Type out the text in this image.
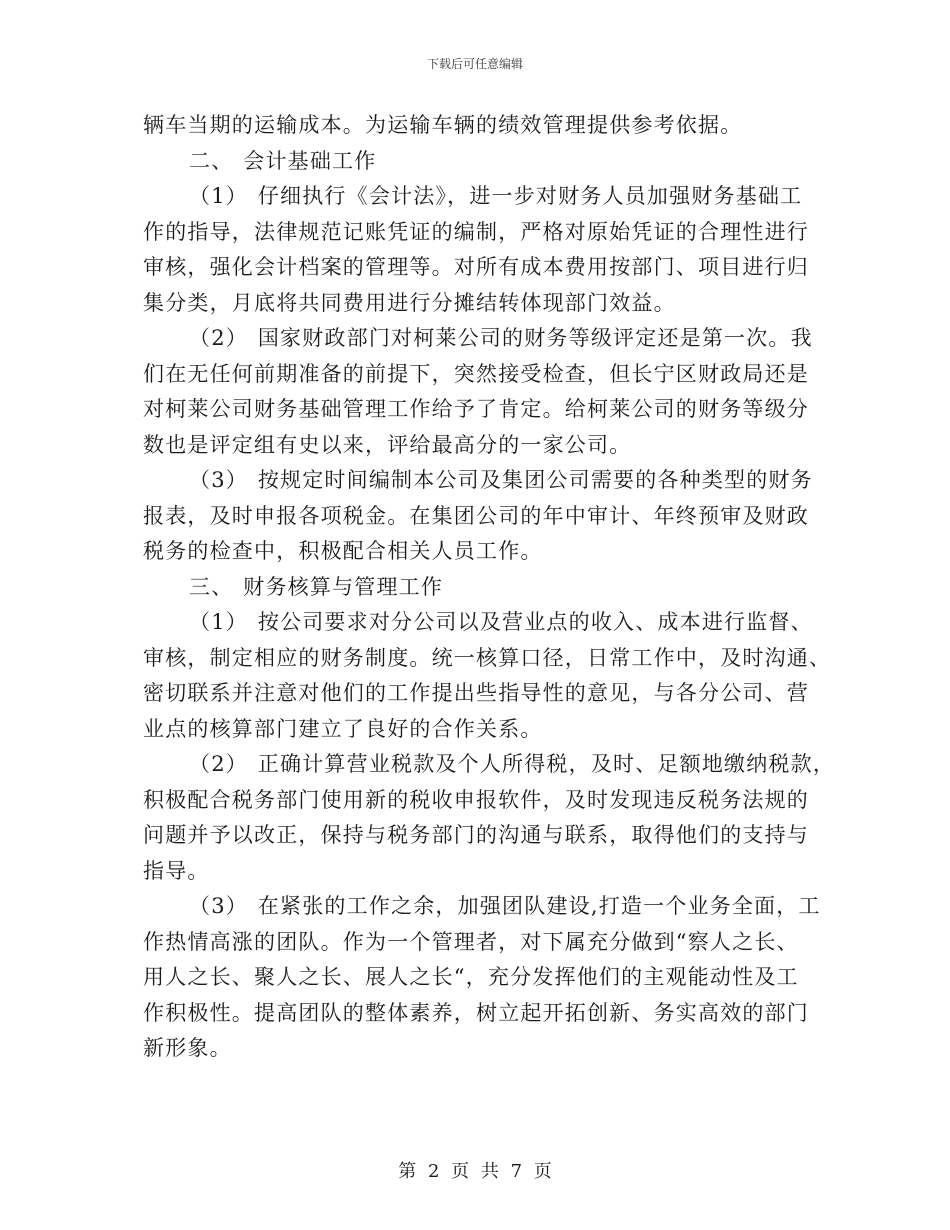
下载后可任意编辑
辆车当期的运输成本。为运输车辆的绩效管理提供参考依据。
二、 会计基础工作
（1） 仔细执行《会计法》，进一步对财务人员加强财务基础工
作的指导，法律规范记账凭证的编制，严格对原始凭证的合理性进行
审核，强化会计档案的管理等。对所有成本费用按部门、项目进行归
集分类，月底将共同费用进行分摊结转体现部门效益。
（2） 国家财政部门对柯莱公司的财务等级评定还是第一次。我
们在无任何前期准备的前提下，突然接受检查，但长宁区财政局还是
对柯莱公司财务基础管理工作给予了肯定。给柯莱公司的财务等级分
数也是评定组有史以来，评给最高分的一家公司。
（3） 按规定时间编制本公司及集团公司需要的各种类型的财务
报表，及时申报各项税金。在集团公司的年中审计、年终预审及财政
税务的检查中，积极配合相关人员工作。
三、 财务核算与管理工作
（1） 按公司要求对分公司以及营业点的收入、成本进行监督、
审核，制定相应的财务制度。统一核算口径，日常工作中，及时沟通、
密切联系并注意对他们的工作提出些指导性的意见，与各分公司、营
业点的核算部门建立了良好的合作关系。
（2） 正确计算营业税款及个人所得税，及时、足额地缴纳税款，
积极配合税务部门使用新的税收申报软件，及时发现违反税务法规的
问题并予以改正，保持与税务部门的沟通与联系，取得他们的支持与
指导。
（3） 在紧张的工作之余，加强团队建设,打造一个业务全面，工
作热情高涨的团队。作为一个管理者，对下属充分做到“察人之长、
用人之长、聚人之长、展人之长“，充分发挥他们的主观能动性及工
作积极性。提高团队的整体素养，树立起开拓创新、务实高效的部门
新形象。
第 2 页 共 7 页
